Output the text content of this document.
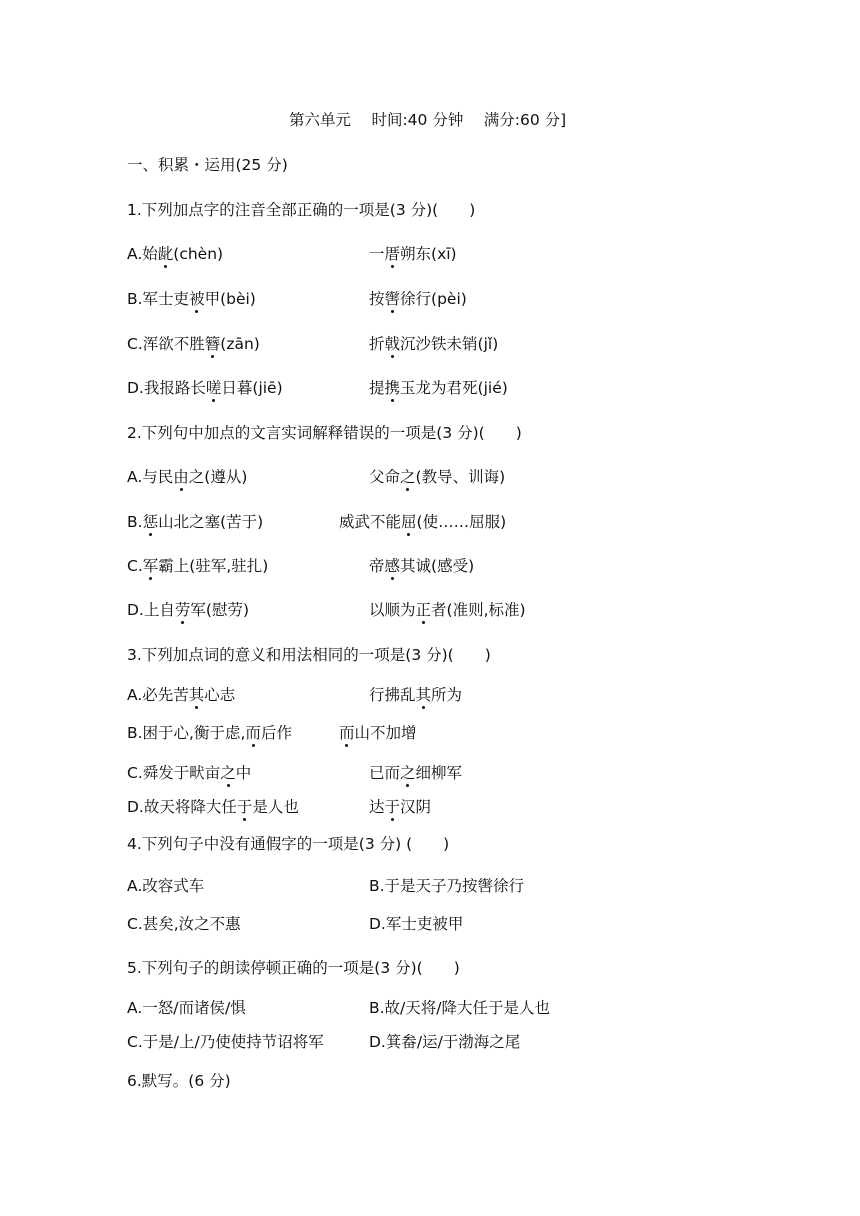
第六单元　 时间:40 分钟　 满分:60 分]
一、积累・运用(25 分)
1.下列加点字的注音全部正确的一项是(3 分)(　　)
A.始龀(chèn)	一厝朔东(xī)
B.军士吏被甲(bèi)	按辔徐行(pèi)
C.浑欲不胜簪(zān)	折戟沉沙铁未销(jǐ)
D.我报路长嗟日暮(jiē)	提携玉龙为君死(jié)
2.下列句中加点的文言实词解释错误的一项是(3 分)(　　)
A.与民由之(遵从)	父命之(教导、训诲)
B.惩山北之塞(苦于)	威武不能屈(使……屈服)
C.军霸上(驻军,驻扎)	帝感其诚(感受)
D.上自劳军(慰劳)	以顺为正者(准则,标准)
3.下列加点词的意义和用法相同的一项是(3 分)(　　)
A.必先苦其心志	行拂乱其所为
B.困于心,衡于虑,而后作	而山不加增
C.舜发于畎亩之中	已而之细柳军
D.故天将降大任于是人也	达于汉阴
4.下列句子中没有通假字的一项是(3 分) (　　)
A.改容式车	B.于是天子乃按辔徐行
C.甚矣,汝之不惠	D.军士吏被甲
5.下列句子的朗读停顿正确的一项是(3 分)(　　)
A.一怒/而诸侯/惧	B.故/天将/降大任于是人也
C.于是/上/乃使使持节诏将军	D.箕畚/运/于渤海之尾
6.默写。(6 分)
